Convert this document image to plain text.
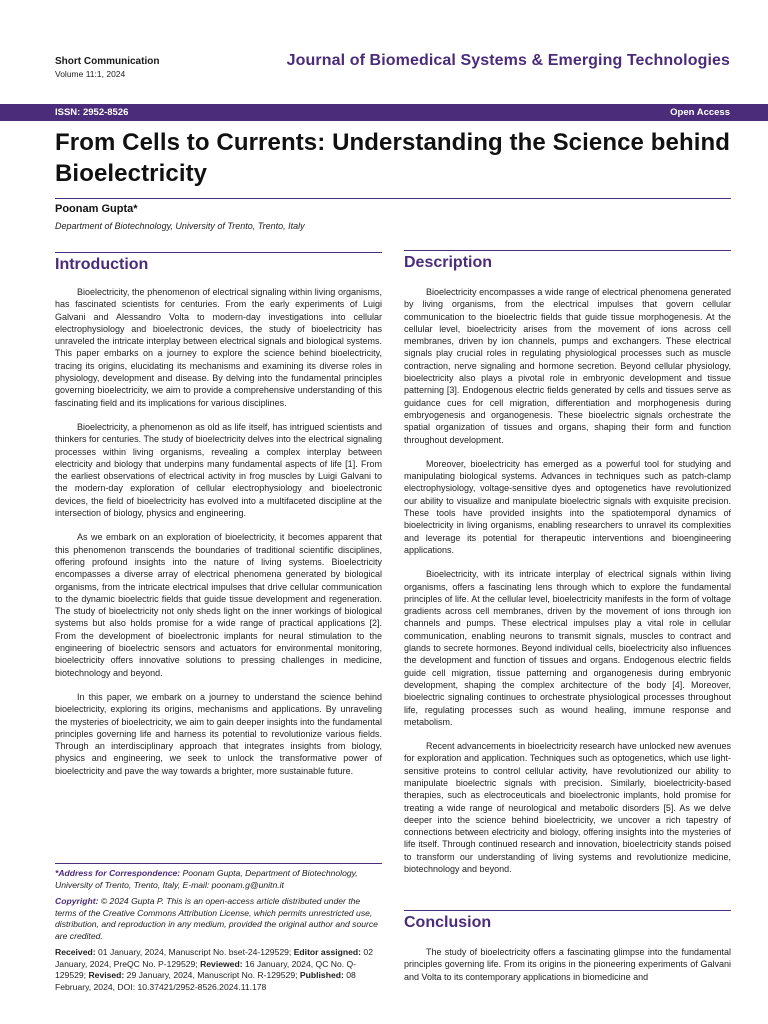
Short Communication
Volume 11:1, 2024
Journal of Biomedical Systems & Emerging Technologies
ISSN: 2952-8526	Open Access
From Cells to Currents: Understanding the Science behind Bioelectricity
Poonam Gupta*
Department of Biotechnology, University of Trento, Trento, Italy
Introduction

Bioelectricity, the phenomenon of electrical signaling within living organisms, has fascinated scientists for centuries. From the early experiments of Luigi Galvani and Alessandro Volta to modern-day investigations into cellular electrophysiology and bioelectronic devices, the study of bioelectricity has unraveled the intricate interplay between electrical signals and biological systems. This paper embarks on a journey to explore the science behind bioelectricity, tracing its origins, elucidating its mechanisms and examining its diverse roles in physiology, development and disease. By delving into the fundamental principles governing bioelectricity, we aim to provide a comprehensive understanding of this fascinating field and its implications for various disciplines.

Bioelectricity, a phenomenon as old as life itself, has intrigued scientists and thinkers for centuries. The study of bioelectricity delves into the electrical signaling processes within living organisms, revealing a complex interplay between electricity and biology that underpins many fundamental aspects of life [1]. From the earliest observations of electrical activity in frog muscles by Luigi Galvani to the modern-day exploration of cellular electrophysiology and bioelectronic devices, the field of bioelectricity has evolved into a multifaceted discipline at the intersection of biology, physics and engineering.

As we embark on an exploration of bioelectricity, it becomes apparent that this phenomenon transcends the boundaries of traditional scientific disciplines, offering profound insights into the nature of living systems. Bioelectricity encompasses a diverse array of electrical phenomena generated by biological organisms, from the intricate electrical impulses that drive cellular communication to the dynamic bioelectric fields that guide tissue development and regeneration. The study of bioelectricity not only sheds light on the inner workings of biological systems but also holds promise for a wide range of practical applications [2]. From the development of bioelectronic implants for neural stimulation to the engineering of bioelectric sensors and actuators for environmental monitoring, bioelectricity offers innovative solutions to pressing challenges in medicine, biotechnology and beyond.

In this paper, we embark on a journey to understand the science behind bioelectricity, exploring its origins, mechanisms and applications. By unraveling the mysteries of bioelectricity, we aim to gain deeper insights into the fundamental principles governing life and harness its potential to revolutionize various fields. Through an interdisciplinary approach that integrates insights from biology, physics and engineering, we seek to unlock the transformative power of bioelectricity and pave the way towards a brighter, more sustainable future.

*Address for Correspondence: Poonam Gupta, Department of Biotechnology, University of Trento, Trento, Italy, E-mail: poonam.g@unitn.it

Copyright: © 2024 Gupta P. This is an open-access article distributed under the terms of the Creative Commons Attribution License, which permits unrestricted use, distribution, and reproduction in any medium, provided the original author and source are credited.

Received: 01 January, 2024, Manuscript No. bset-24-129529; Editor assigned: 02 January, 2024, PreQC No. P-129529; Reviewed: 16 January, 2024, QC No. Q-129529; Revised: 29 January, 2024, Manuscript No. R-129529; Published: 08 February, 2024, DOI: 10.37421/2952-8526.2024.11.178

Description

Bioelectricity encompasses a wide range of electrical phenomena generated by living organisms, from the electrical impulses that govern cellular communication to the bioelectric fields that guide tissue morphogenesis. At the cellular level, bioelectricity arises from the movement of ions across cell membranes, driven by ion channels, pumps and exchangers. These electrical signals play crucial roles in regulating physiological processes such as muscle contraction, nerve signaling and hormone secretion. Beyond cellular physiology, bioelectricity also plays a pivotal role in embryonic development and tissue patterning [3]. Endogenous electric fields generated by cells and tissues serve as guidance cues for cell migration, differentiation and morphogenesis during embryogenesis and organogenesis. These bioelectric signals orchestrate the spatial organization of tissues and organs, shaping their form and function throughout development.

Moreover, bioelectricity has emerged as a powerful tool for studying and manipulating biological systems. Advances in techniques such as patch-clamp electrophysiology, voltage-sensitive dyes and optogenetics have revolutionized our ability to visualize and manipulate bioelectric signals with exquisite precision. These tools have provided insights into the spatiotemporal dynamics of bioelectricity in living organisms, enabling researchers to unravel its complexities and leverage its potential for therapeutic interventions and bioengineering applications.

Bioelectricity, with its intricate interplay of electrical signals within living organisms, offers a fascinating lens through which to explore the fundamental principles of life. At the cellular level, bioelectricity manifests in the form of voltage gradients across cell membranes, driven by the movement of ions through ion channels and pumps. These electrical impulses play a vital role in cellular communication, enabling neurons to transmit signals, muscles to contract and glands to secrete hormones. Beyond individual cells, bioelectricity also influences the development and function of tissues and organs. Endogenous electric fields guide cell migration, tissue patterning and organogenesis during embryonic development, shaping the complex architecture of the body [4]. Moreover, bioelectric signaling continues to orchestrate physiological processes throughout life, regulating processes such as wound healing, immune response and metabolism.

Recent advancements in bioelectricity research have unlocked new avenues for exploration and application. Techniques such as optogenetics, which use light-sensitive proteins to control cellular activity, have revolutionized our ability to manipulate bioelectric signals with precision. Similarly, bioelectricity-based therapies, such as electroceuticals and bioelectronic implants, hold promise for treating a wide range of neurological and metabolic disorders [5]. As we delve deeper into the science behind bioelectricity, we uncover a rich tapestry of connections between electricity and biology, offering insights into the mysteries of life itself. Through continued research and innovation, bioelectricity stands poised to transform our understanding of living systems and revolutionize medicine, biotechnology and beyond.

Conclusion

The study of bioelectricity offers a fascinating glimpse into the fundamental principles governing life. From its origins in the pioneering experiments of Galvani and Volta to its contemporary applications in biomedicine and
